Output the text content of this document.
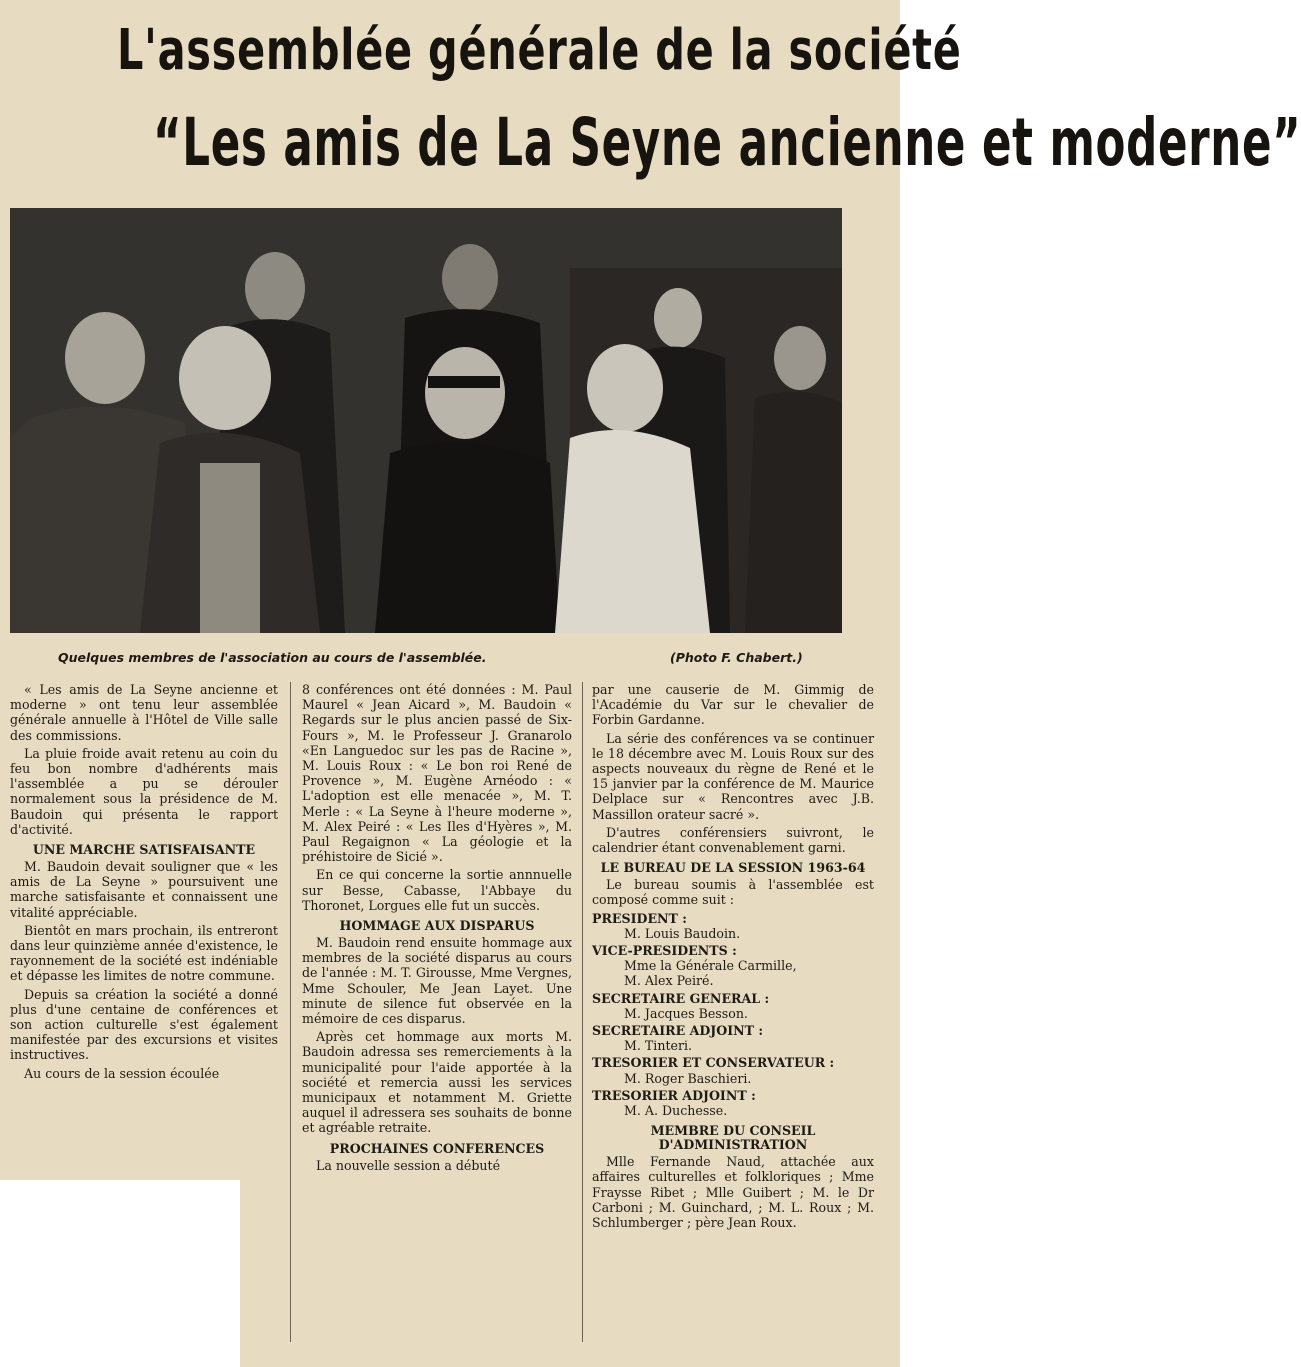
L'assemblée générale de la société
“Les amis de La Seyne ancienne et moderne”
Quelques membres de l'association au cours de l'assemblée.	(Photo F. Chabert.)

« Les amis de La Seyne ancienne et moderne » ont tenu leur assemblée générale annuelle à l'Hôtel de Ville salle des commissions.

La pluie froide avait retenu au coin du feu bon nombre d'adhérents mais l'assemblée a pu se dérouler normalement sous la présidence de M. Baudoin qui présenta le rapport d'activité.

UNE MARCHE SATISFAISANTE

M. Baudoin devait souligner que « les amis de La Seyne » poursuivent une marche satisfaisante et connaissent une vitalité appréciable.

Bientôt en mars prochain, ils entreront dans leur quinzième année d'existence, le rayonnement de la société est indéniable et dépasse les limites de notre commune.

Depuis sa création la société a donné plus d'une centaine de conférences et son action culturelle s'est également manifestée par des excursions et visites instructives.

Au cours de la session écoulée

8 conférences ont été données : M. Paul Maurel « Jean Aicard », M. Baudoin « Regards sur le plus ancien passé de Six-Fours », M. le Professeur J. Granarolo «En Languedoc sur les pas de Racine », M. Louis Roux : « Le bon roi René de Provence », M. Eugène Arnéodo : « L'adoption est elle menacée », M. T. Merle : « La Seyne à l'heure moderne », M. Alex Peiré : « Les Iles d'Hyères », M. Paul Regaignon « La géologie et la préhistoire de Sicié ».

En ce qui concerne la sortie annnuelle sur Besse, Cabasse, l'Abbaye du Thoronet, Lorgues elle fut un succès.

HOMMAGE AUX DISPARUS

M. Baudoin rend ensuite hommage aux membres de la société disparus au cours de l'année : M. T. Girousse, Mme Vergnes, Mme Schouler, Me Jean Layet. Une minute de silence fut observée en la mémoire de ces disparus.

Après cet hommage aux morts M. Baudoin adressa ses remerciements à la municipalité pour l'aide apportée à la société et remercia aussi les services municipaux et notamment M. Griette auquel il adressera ses souhaits de bonne et agréable retraite.

PROCHAINES CONFERENCES

La nouvelle session a débuté

par une causerie de M. Gimmig de l'Académie du Var sur le chevalier de Forbin Gardanne.

La série des conférences va se continuer le 18 décembre avec M. Louis Roux sur des aspects nouveaux du règne de René et le 15 janvier par la conférence de M. Maurice Delplace sur « Rencontres avec J.B. Massillon orateur sacré ».

D'autres conférensiers suivront, le calendrier étant convenablement garni.

LE BUREAU DE LA SESSION 1963-64

Le bureau soumis à l'assemblée est composé comme suit :

PRESIDENT :
M. Louis Baudoin.
VICE-PRESIDENTS :
Mme la Générale Carmille,
M. Alex Peiré.
SECRETAIRE GENERAL :
M. Jacques Besson.
SECRETAIRE ADJOINT :
M. Tinteri.
TRESORIER ET CONSERVATEUR :
M. Roger Baschieri.
TRESORIER ADJOINT :
M. A. Duchesse.
MEMBRE DU CONSEIL D'ADMINISTRATION

Mlle Fernande Naud, attachée aux affaires culturelles et folkloriques ; Mme Fraysse Ribet ; Mlle Guibert ; M. le Dr Carboni ; M. Guinchard, ; M. L. Roux ; M. Schlumberger ; père Jean Roux.
